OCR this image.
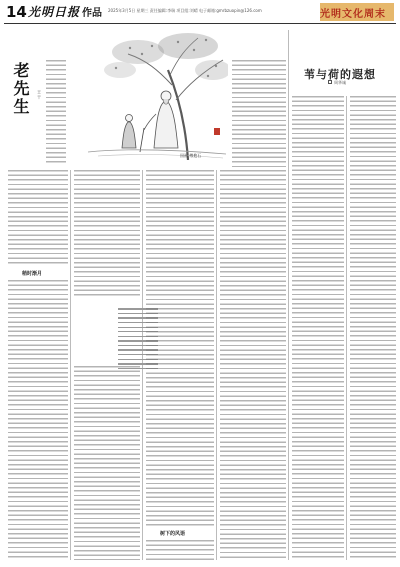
14 光明日报 作品 2025年3月5日 星期三 责任编辑:李瑞 项目组:刘晴 电子邮箱:gmrbzuopin@126.com	光明文化周末
老先生	王干
国画 傅抱石
苇与荷的遐想
周华诚
稍时渐月
树下的风语
